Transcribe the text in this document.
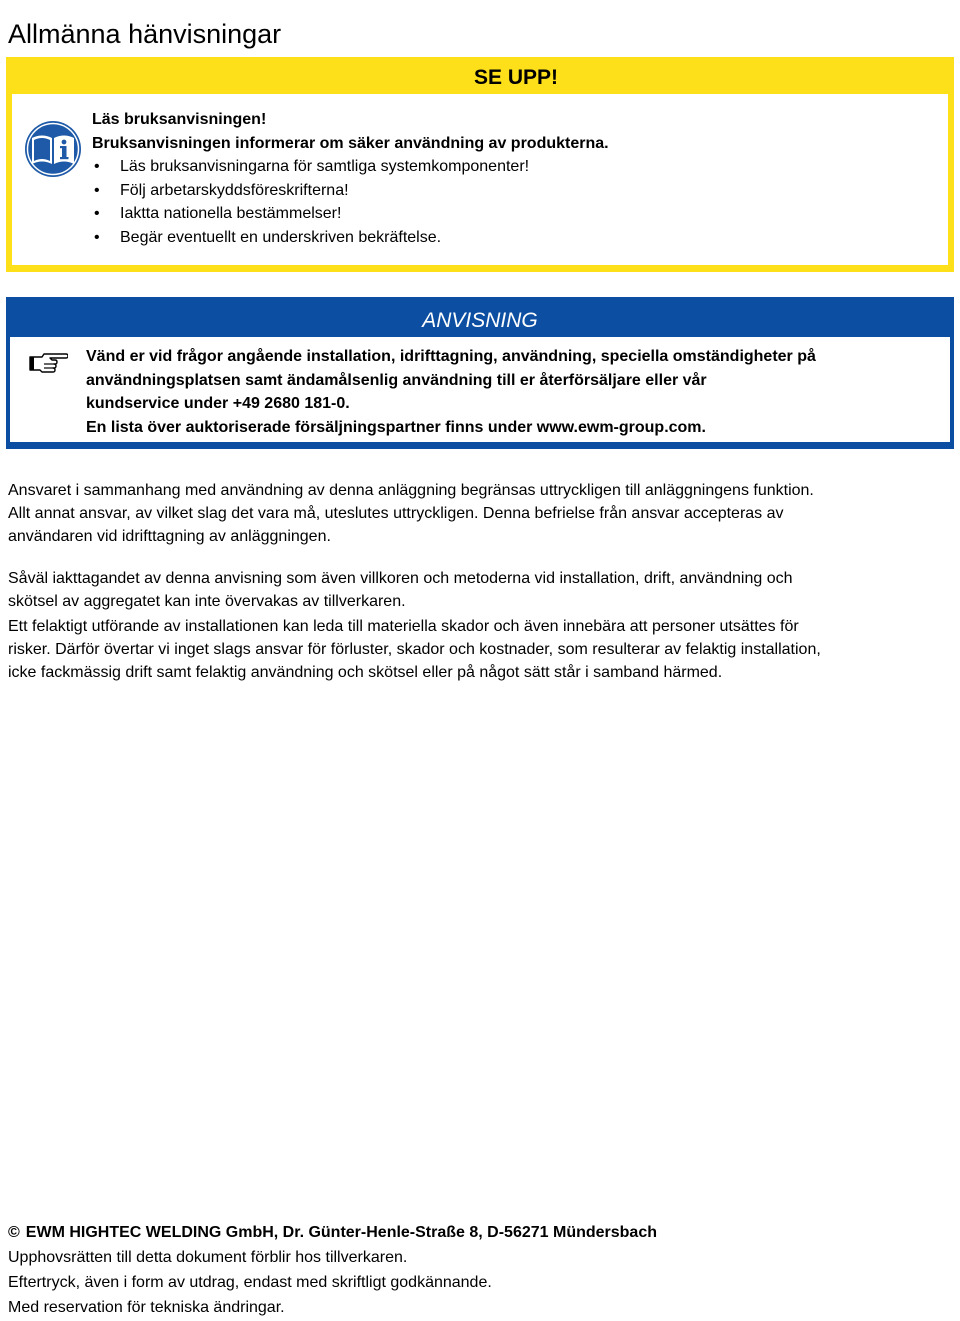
Allmänna hänvisningar
SE UPP!
Läs bruksanvisningen!
Bruksanvisningen informerar om säker användning av produkterna.
•	Läs bruksanvisningarna för samtliga systemkomponenter!
•	Följ arbetarskyddsföreskrifterna!
•	Iaktta nationella bestämmelser!
•	Begär eventuellt en underskriven bekräftelse.
ANVISNING
Vänd er vid frågor angående installation, idrifttagning, användning, speciella omständigheter på
användningsplatsen samt ändamålsenlig användning till er återförsäljare eller vår
kundservice under +49 2680 181-0.
En lista över auktoriserade försäljningspartner finns under www.ewm-group.com.
Ansvaret i sammanhang med användning av denna anläggning begränsas uttryckligen till anläggningens funktion.
Allt annat ansvar, av vilket slag det vara må, uteslutes uttryckligen. Denna befrielse från ansvar accepteras av
användaren vid idrifttagning av anläggningen.
Såväl iakttagandet av denna anvisning som även villkoren och metoderna vid installation, drift, användning och
skötsel av aggregatet kan inte övervakas av tillverkaren.
Ett felaktigt utförande av installationen kan leda till materiella skador och även innebära att personer utsättes för
risker. Därför övertar vi inget slags ansvar för förluster, skador och kostnader, som resulterar av felaktig installation,
icke fackmässig drift samt felaktig användning och skötsel eller på något sätt står i samband härmed.
© EWM HIGHTEC WELDING GmbH, Dr. Günter-Henle-Straße 8, D-56271 Mündersbach
Upphovsrätten till detta dokument förblir hos tillverkaren.
Eftertryck, även i form av utdrag, endast med skriftligt godkännande.
Med reservation för tekniska ändringar.
